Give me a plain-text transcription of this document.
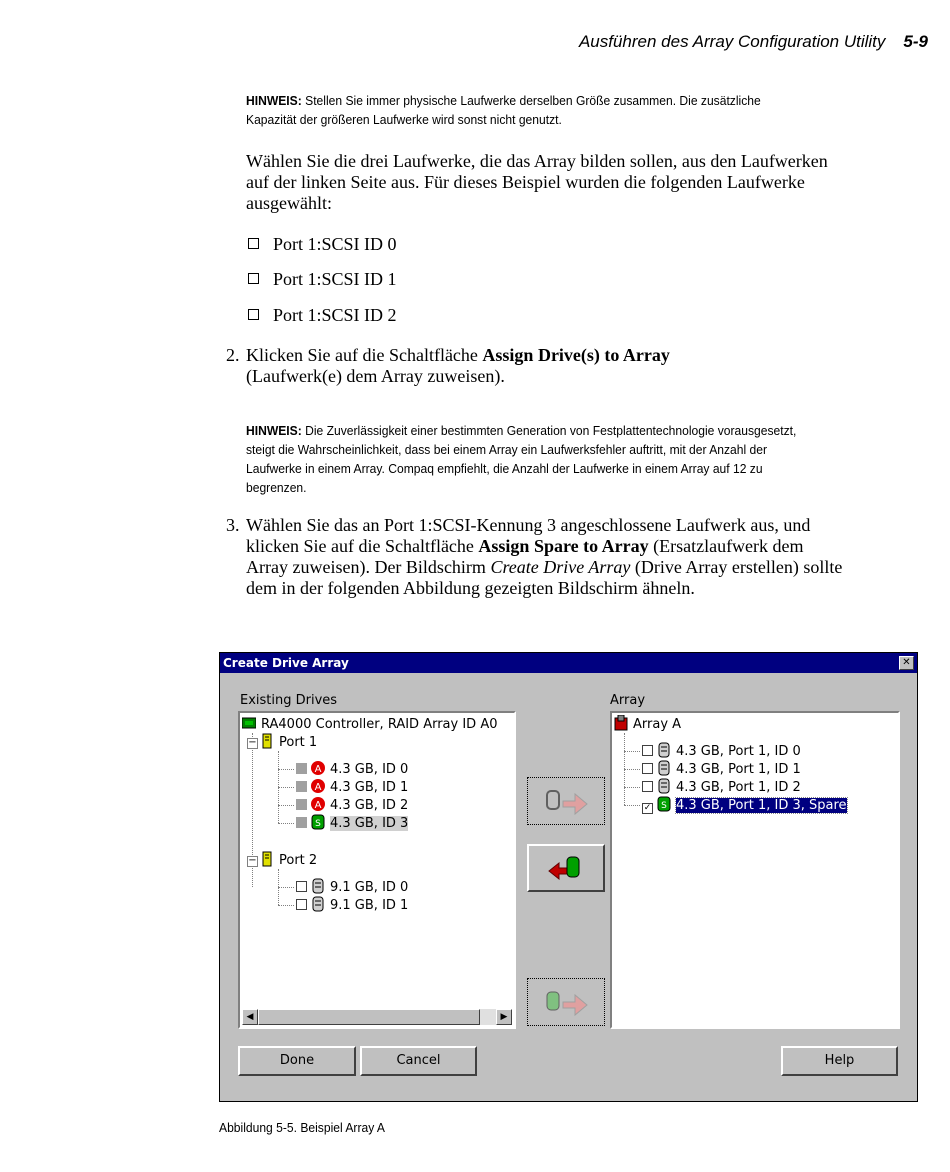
Ausführen des Array Configuration Utility 5-9
HINWEIS: Stellen Sie immer physische Laufwerke derselben Größe zusammen. Die zusätzliche Kapazität der größeren Laufwerke wird sonst nicht genutzt.
Wählen Sie die drei Laufwerke, die das Array bilden sollen, aus den Laufwerken auf der linken Seite aus. Für dieses Beispiel wurden die folgenden Laufwerke ausgewählt:
Port 1:SCSI ID 0
Port 1:SCSI ID 1
Port 1:SCSI ID 2
2. Klicken Sie auf die Schaltfläche Assign Drive(s) to Array
(Laufwerk(e) dem Array zuweisen).
HINWEIS: Die Zuverlässigkeit einer bestimmten Generation von Festplattentechnologie vorausgesetzt, steigt die Wahrscheinlichkeit, dass bei einem Array ein Laufwerksfehler auftritt, mit der Anzahl der Laufwerke in einem Array. Compaq empfiehlt, die Anzahl der Laufwerke in einem Array auf 12 zu begrenzen.
3. Wählen Sie das an Port 1:SCSI-Kennung 3 angeschlossene Laufwerk aus, und klicken Sie auf die Schaltfläche Assign Spare to Array (Ersatzlaufwerk dem Array zuweisen). Der Bildschirm Create Drive Array (Drive Array erstellen) sollte dem in der folgenden Abbildung gezeigten Bildschirm ähneln.
Create Drive Array	✕
Existing Drives	Array
RA4000 Controller, RAID Array ID A0
−	Port 1
A 4.3 GB, ID 0
A 4.3 GB, ID 1
A 4.3 GB, ID 2
S 4.3 GB, ID 3
−	Port 2
9.1 GB, ID 0
9.1 GB, ID 1
◀	▶
Array A
4.3 GB, Port 1, ID 0
4.3 GB, Port 1, ID 1
4.3 GB, Port 1, ID 2
✓ S 4.3 GB, Port 1, ID 3, Spare
Done	Cancel	Help
Abbildung 5-5. Beispiel Array A
